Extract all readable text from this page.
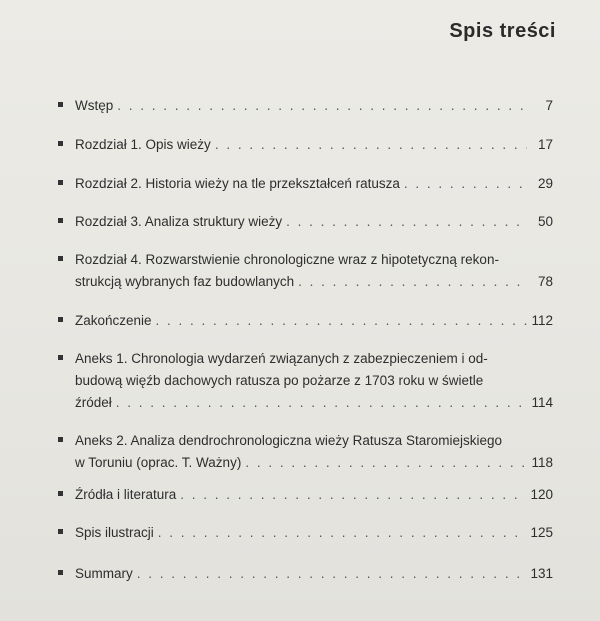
Spis treści
Wstęp . . .	7
Rozdział 1. Opis wieży . . .	17
Rozdział 2. Historia wieży na tle przekształceń ratusza . . .	29
Rozdział 3. Analiza struktury wieży . . .	50
Rozdział 4. Rozwarstwienie chronologiczne wraz z hipotetyczną rekon-
strukcją wybranych faz budowlanych . . .	78
Zakończenie . . .	112
Aneks 1. Chronologia wydarzeń związanych z zabezpieczeniem i od-
budową więźb dachowych ratusza po pożarze z 1703 roku w świetle
źródeł . . .	114
Aneks 2. Analiza dendrochronologiczna wieży Ratusza Staromiejskiego
w Toruniu (oprac. T. Ważny) . . .	118
Źródła i literatura . . .	120
Spis ilustracji . . .	125
Summary . . .	131
